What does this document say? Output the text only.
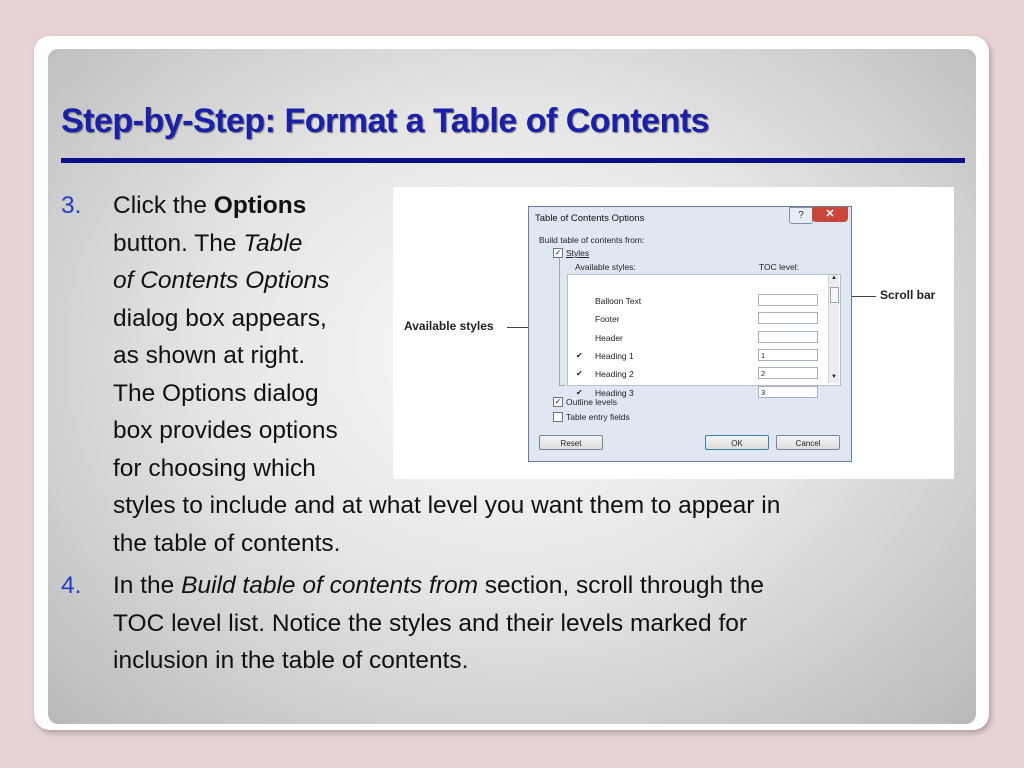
Step-by-Step: Format a Table of Contents
3. Click the Options
button. The Table
of Contents Options
dialog box appears,
as shown at right.
The Options dialog
box provides options
for choosing which
styles to include and at what level you want them to appear in
the table of contents.
4. In the Build table of contents from section, scroll through the
TOC level list. Notice the styles and their levels marked for
inclusion in the table of contents.
Available styles
Scroll bar
Table of Contents Options	?	✕
Build table of contents from:
✓ Styles
Available styles:	TOC level:
▲
▼
Balloon Text
Footer
Header
✔ Heading 1	1
✔ Heading 2	2
✔ Heading 3	3
✓ Outline levels
Table entry fields
Reset	OK	Cancel
